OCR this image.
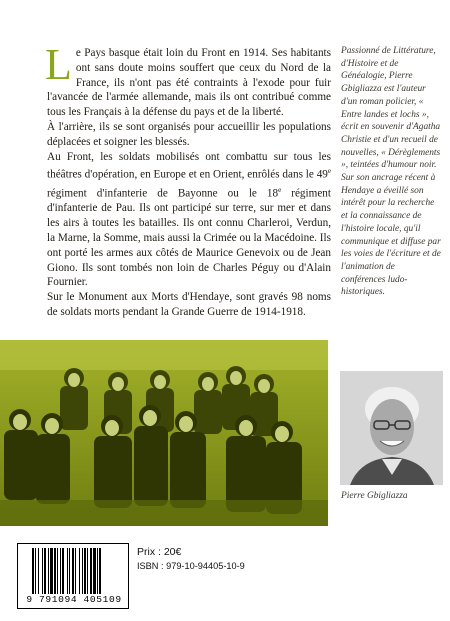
Le Pays basque était loin du Front en 1914. Ses habitants ont sans doute moins souffert que ceux du Nord de la France, ils n'ont pas été contraints à l'exode pour fuir l'avancée de l'armée allemande, mais ils ont contribué comme tous les Français à la défense du pays et de la liberté.

À l'arrière, ils se sont organisés pour accueillir les populations déplacées et soigner les blessés.

Au Front, les soldats mobilisés ont combattu sur tous les théâtres d'opération, en Europe et en Orient, enrôlés dans le 49e régiment d'infanterie de Bayonne ou le 18e régiment d'infanterie de Pau. Ils ont participé sur terre, sur mer et dans les airs à toutes les batailles. Ils ont connu Charleroi, Verdun, la Marne, la Somme, mais aussi la Crimée ou la Macédoine. Ils ont porté les armes aux côtés de Maurice Genevoix ou de Jean Giono. Ils sont tombés non loin de Charles Péguy ou d'Alain Fournier.

Sur le Monument aux Morts d'Hendaye, sont gravés 98 noms de soldats morts pendant la Grande Guerre de 1914-1918.

Passionné de Littérature, d'Histoire et de Généalogie, Pierre Gbigliazza est l'auteur d'un roman policier, « Entre landes et lochs », écrit en souvenir d'Agatha Christie et d'un recueil de nouvelles, « Dérèglements », teintées d'humour noir. Sur son ancrage récent à Hendaye a éveillé son intérêt pour la recherche et la connaissance de l'histoire locale, qu'il communique et diffuse par les voies de l'écriture et de l'animation de conférences ludo-historiques.

Pierre Gbigliazza
9 791094 405109
Prix : 20€
ISBN : 979-10-94405-10-9
